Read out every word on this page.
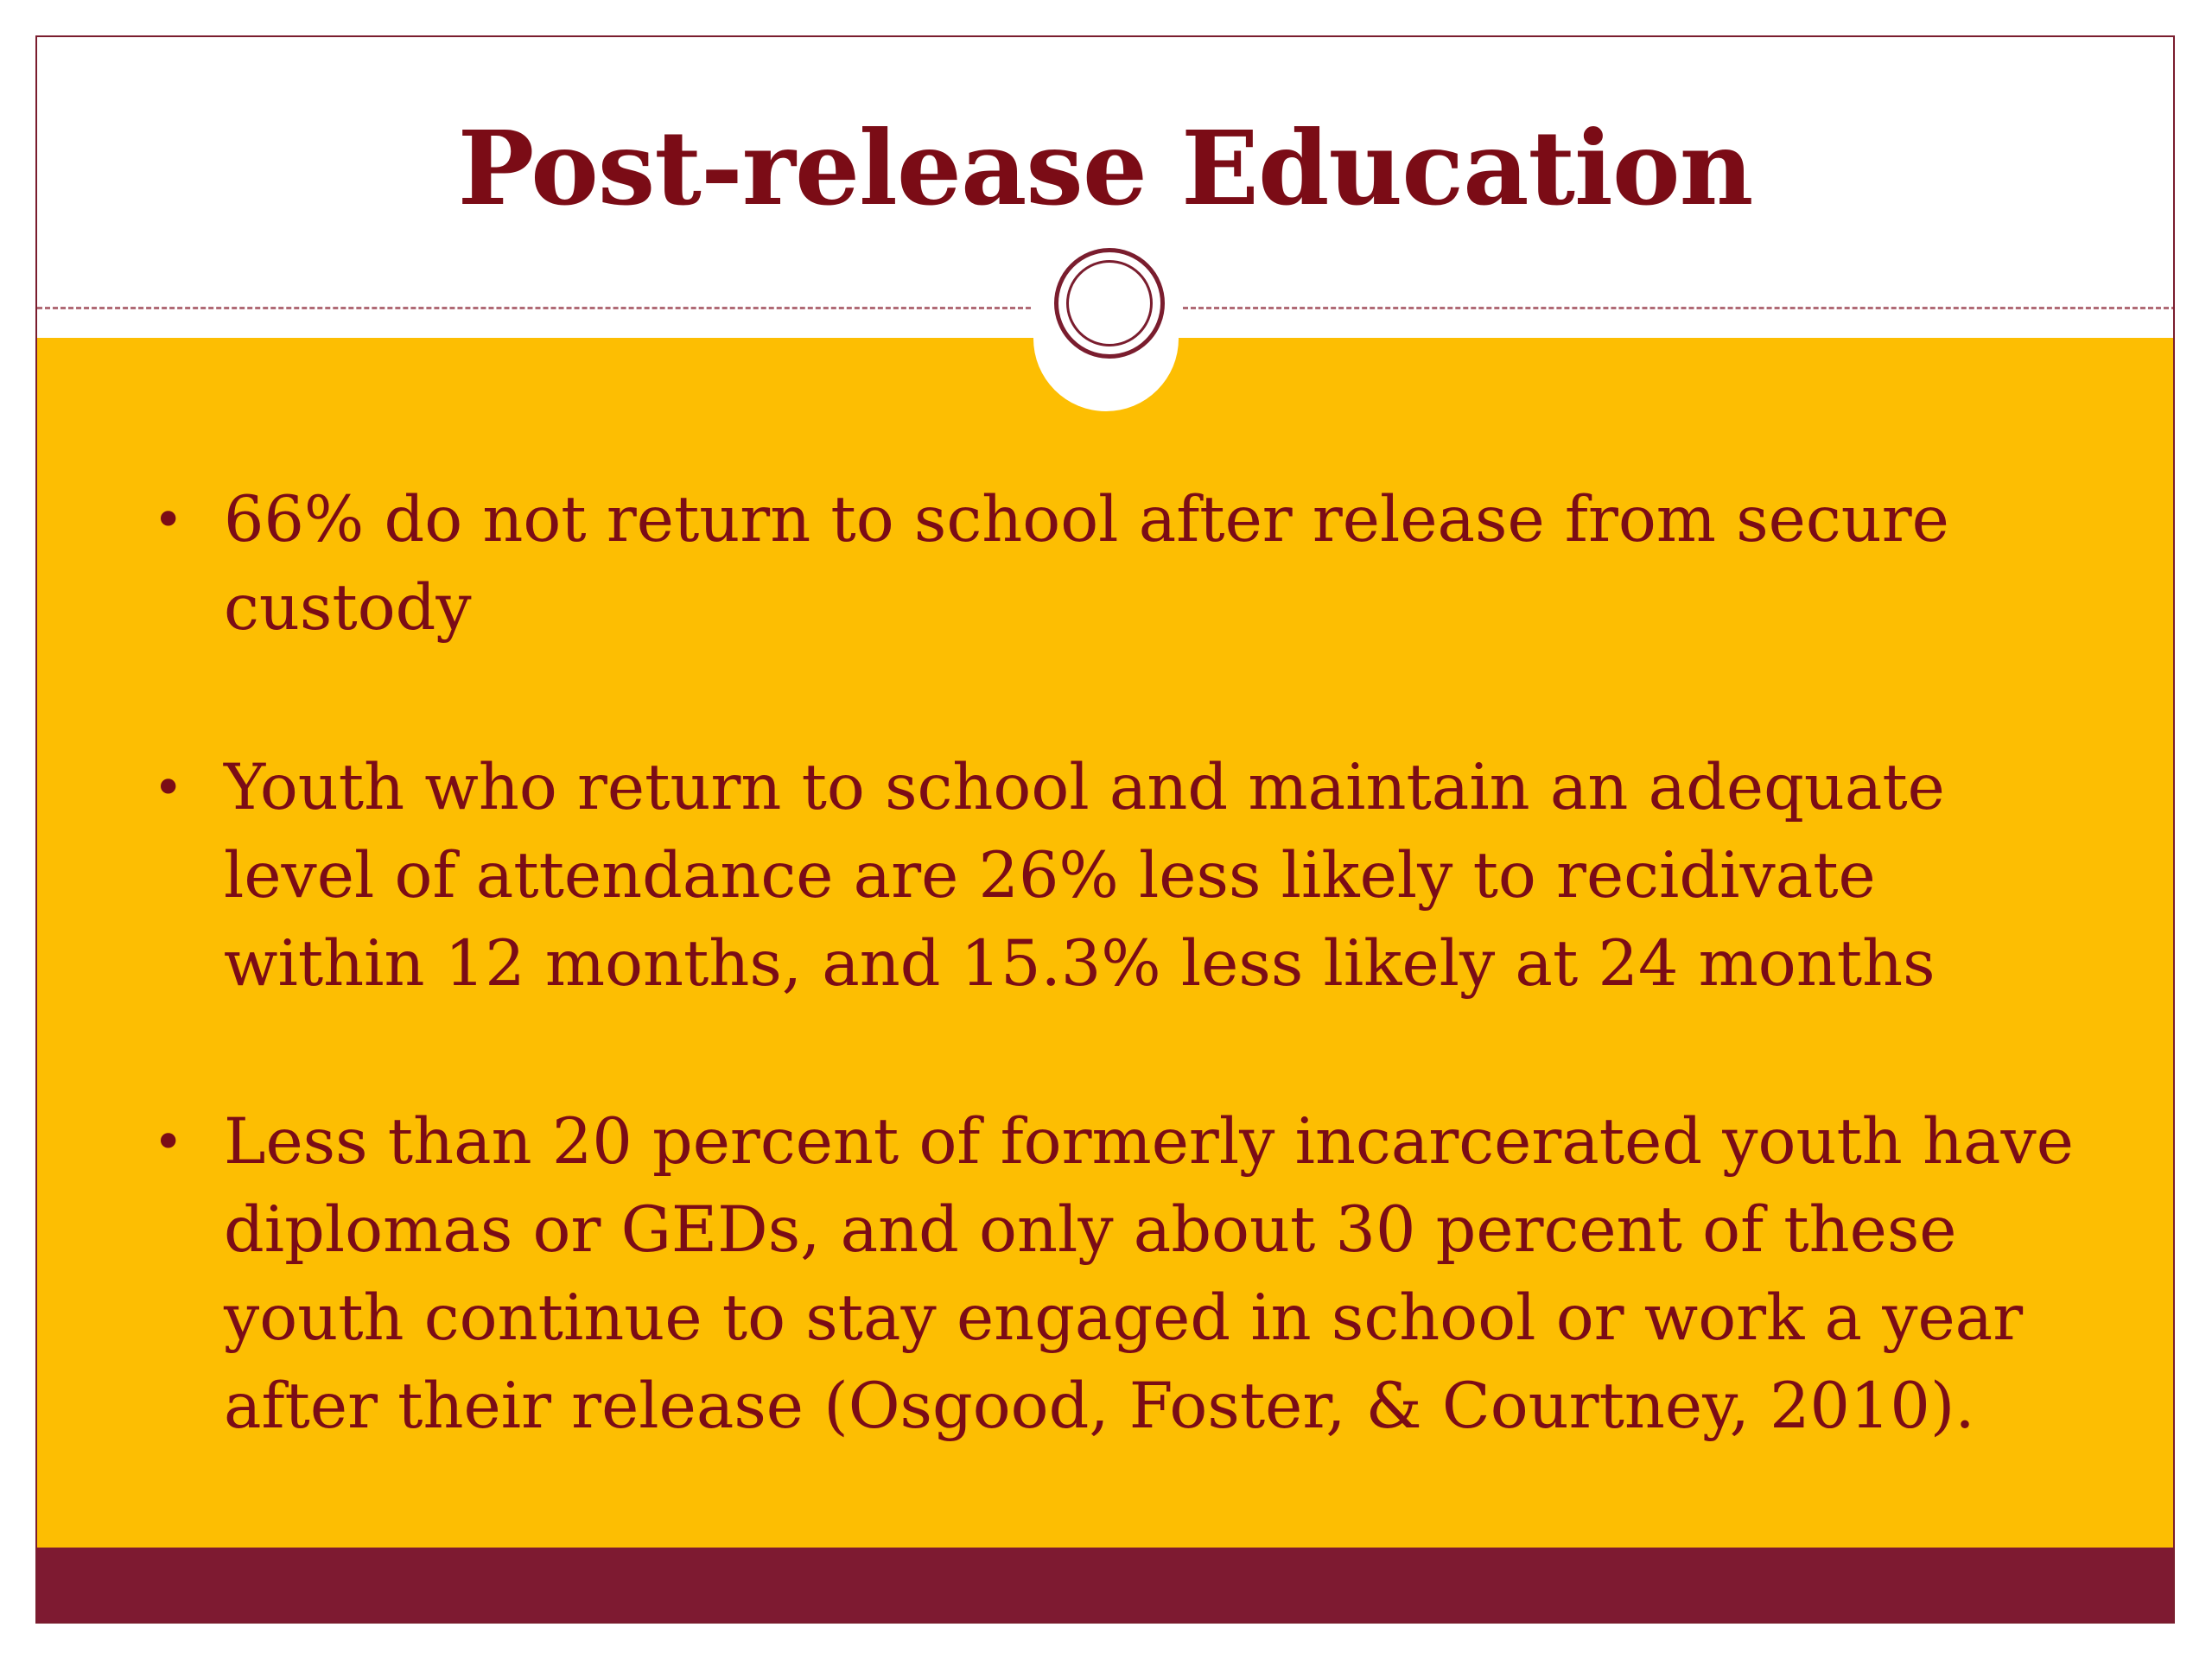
Post-release Education
• 66% do not return to school after release from secure custody
• Youth who return to school and maintain an adequate level of attendance are 26% less likely to recidivate within 12 months, and 15.3% less likely at 24 months
• Less than 20 percent of formerly incarcerated youth have diplomas or GEDs, and only about 30 percent of these youth continue to stay engaged in school or work a year after their release (Osgood, Foster, & Courtney, 2010).
